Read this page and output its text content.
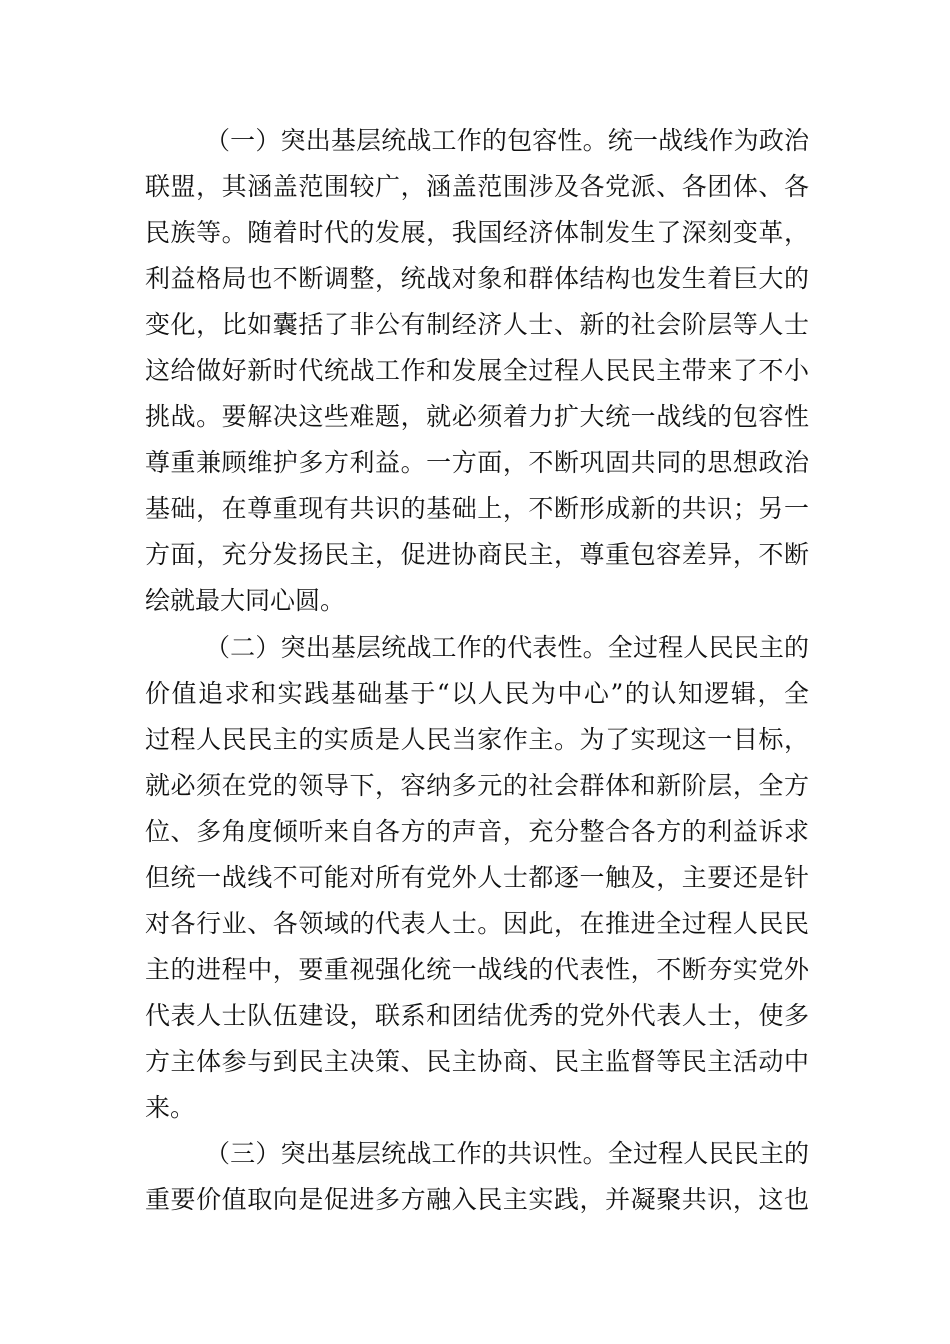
（一）突出基层统战工作的包容性。统一战线作为政治
联盟，其涵盖范围较广，涵盖范围涉及各党派、各团体、各
民族等。随着时代的发展，我国经济体制发生了深刻变革，
利益格局也不断调整，统战对象和群体结构也发生着巨大的
变化，比如囊括了非公有制经济人士、新的社会阶层等人士
这给做好新时代统战工作和发展全过程人民民主带来了不小
挑战。要解决这些难题，就必须着力扩大统一战线的包容性
尊重兼顾维护多方利益。一方面，不断巩固共同的思想政治
基础，在尊重现有共识的基础上，不断形成新的共识；另一
方面，充分发扬民主，促进协商民主，尊重包容差异，不断
绘就最大同心圆。
（二）突出基层统战工作的代表性。全过程人民民主的
价值追求和实践基础基于“以人民为中心”的认知逻辑，全
过程人民民主的实质是人民当家作主。为了实现这一目标，
就必须在党的领导下，容纳多元的社会群体和新阶层，全方
位、多角度倾听来自各方的声音，充分整合各方的利益诉求
但统一战线不可能对所有党外人士都逐一触及，主要还是针
对各行业、各领域的代表人士。因此，在推进全过程人民民
主的进程中，要重视强化统一战线的代表性，不断夯实党外
代表人士队伍建设，联系和团结优秀的党外代表人士，使多
方主体参与到民主决策、民主协商、民主监督等民主活动中
来。
（三）突出基层统战工作的共识性。全过程人民民主的
重要价值取向是促进多方融入民主实践，并凝聚共识，这也
